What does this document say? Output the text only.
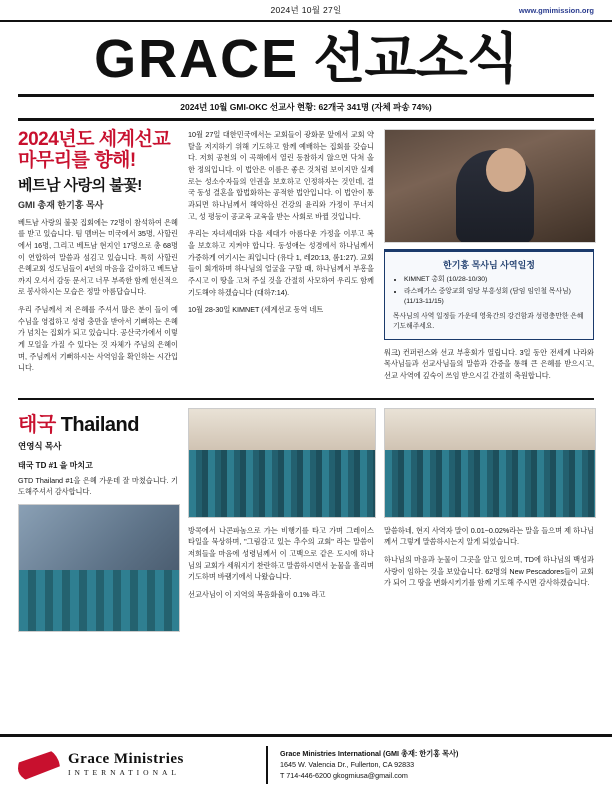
2024년 10월 27일	www.gmimission.org
GRACE 선교소식
2024년 10월 GMI-OKC 선교사 현황: 62개국 341명 (자체 파송 74%)
2024년도 세계선교
마무리를 향해!
베트남 사랑의 불꽃!
GMI 총재 한기홍 목사

베트남 사랑의 불꽃 집회에는 72명이 참석하여 은혜를 받고 있습니다. 팀 멤버는 미국에서 35명, 사할린에서 16명, 그리고 베트남 현지인 17명으로 총 68명이 연합하여 말씀과 섬김고 있습니다. 특히 사할린 은혜교회 성도님들이 4년의 마음을 같이하고 베트남까지 오셔서 감동 문서고 너무 부족한 함께 헌신적으로 봉사하시는 모습은 정말 아름답습니다.

우리 주님께서 저 은혜를 주셔서 많은 분이 들이 예수님을 영접하고 성령 충만을 받아서 기뻐하는 은혜가 넘치는 집회가 되고 있습니다. 공산국가에서 이렇게 모일을 가질 수 있다는 것 자체가 주님의 은혜이며, 주님께서 기뻐하시는 사역임을 확인하는 시간입니다.

10월 27일 대한민국에서는 교회들이 광화문 앞에서 교회 약탈을 저지하기 위해 기도하고 함께 예배하는 집회를 갖습니다. 저희 공천의 이 곡해에서 열린 동참하지 않으면 닥쳐 올 한 정의입니다. 이 법안은 이름은 좋은 것처럼 보이지만 실제로는 성소수자들의 인권을 보호하고 인정하자는 것인데, 결국 동성 결혼을 합법화하는 공적한 법안입니다. 이 법안이 통과되면 하나님께서 해악하신 건강의 윤리와 가정이 무너지고, 성 평등이 공교육 교육을 받는 사회로 바뀔 것입니다.

우리는 자녀세대와 다음 세대가 아름다운 가정을 이루고 복을 보호하고 지켜야 합니다. 동성애는 성경에서 하나님께서 가증하게 여기시는 죄입니다 (유다 1, 레20:13, 롬1:27). 교회들이 회개하며 하나님의 얼굴을 구할 때, 하나님께서 부흥을 주시고 이 땅을 고쳐 주실 것을 간절히 사모하여 우리도 함께 기도해야 하겠습니다 (대하7:14).

10월 28-30일 KIMNET (세계선교 동역 네트

한기홍 목사님 사역일정
• KIMNET 총회 (10/28-10/30)
• 라스베가스 중앙교회 임당 부흥성회 (담임 임인철 목사님) (11/13-11/15)
목사님의 사역 일정들 가운데 영육간의 강건함과 성령충만한 은혜 기도해주세요.

워크) 컨퍼런스와 선교 부흥회가 열립니다. 3일 동안 전세계 나라와 목사님들과 선교사님들의 말씀과 간증을 통해 큰 은혜를 받으시고, 선교 사역에 깊숙이 쓰임 받으시길 간절히 축원합니다.

태국 Thailand
연영식 목사
태국 TD #1 을 마치고

GTD Thailand #1을 은혜 가운데 잘 마쳤습니다. 기도해주셔서 감사합니다.

방콕에서 나콘파놈으로 가는 비행기를 타고 가며 그레이스 타일을 묵상하며, "그림감고 있는 추수의 교회" 라는 말씀이 저희들을 마음에 성령님께서 이 고백으로 같은 도시에 하나님의 교회가 세워지기 찬란하고 말씀하시면서 눈물을 흘리며 기도하며 바램기에서 나왔습니다.

선교사님이 이 지역의 복음화율이 0.1% 라고

말씀하네, 현지 사역자 말이 0.01~0.02%라는 말을 들으며 제 하나님께서 그렇게 말씀하시는지 알게 되었습니다.

하나님의 마음과 눈물이 그곳을 알고 있으며, TD에 하나님의 백성과 사랑이 임하는 것을 보았습니다. 62명의 New Pescadores들이 교회가 되어 그 땅을 변화시키기를 함께 기도해 주시면 감사하겠습니다.

Grace Ministries
INTERNATIONAL
Grace Ministries International (GMI 총재: 한기홍 목사)
1645 W. Valencia Dr., Fullerton, CA 92833
T 714-446-6200 gkogmiusa@gmail.com
